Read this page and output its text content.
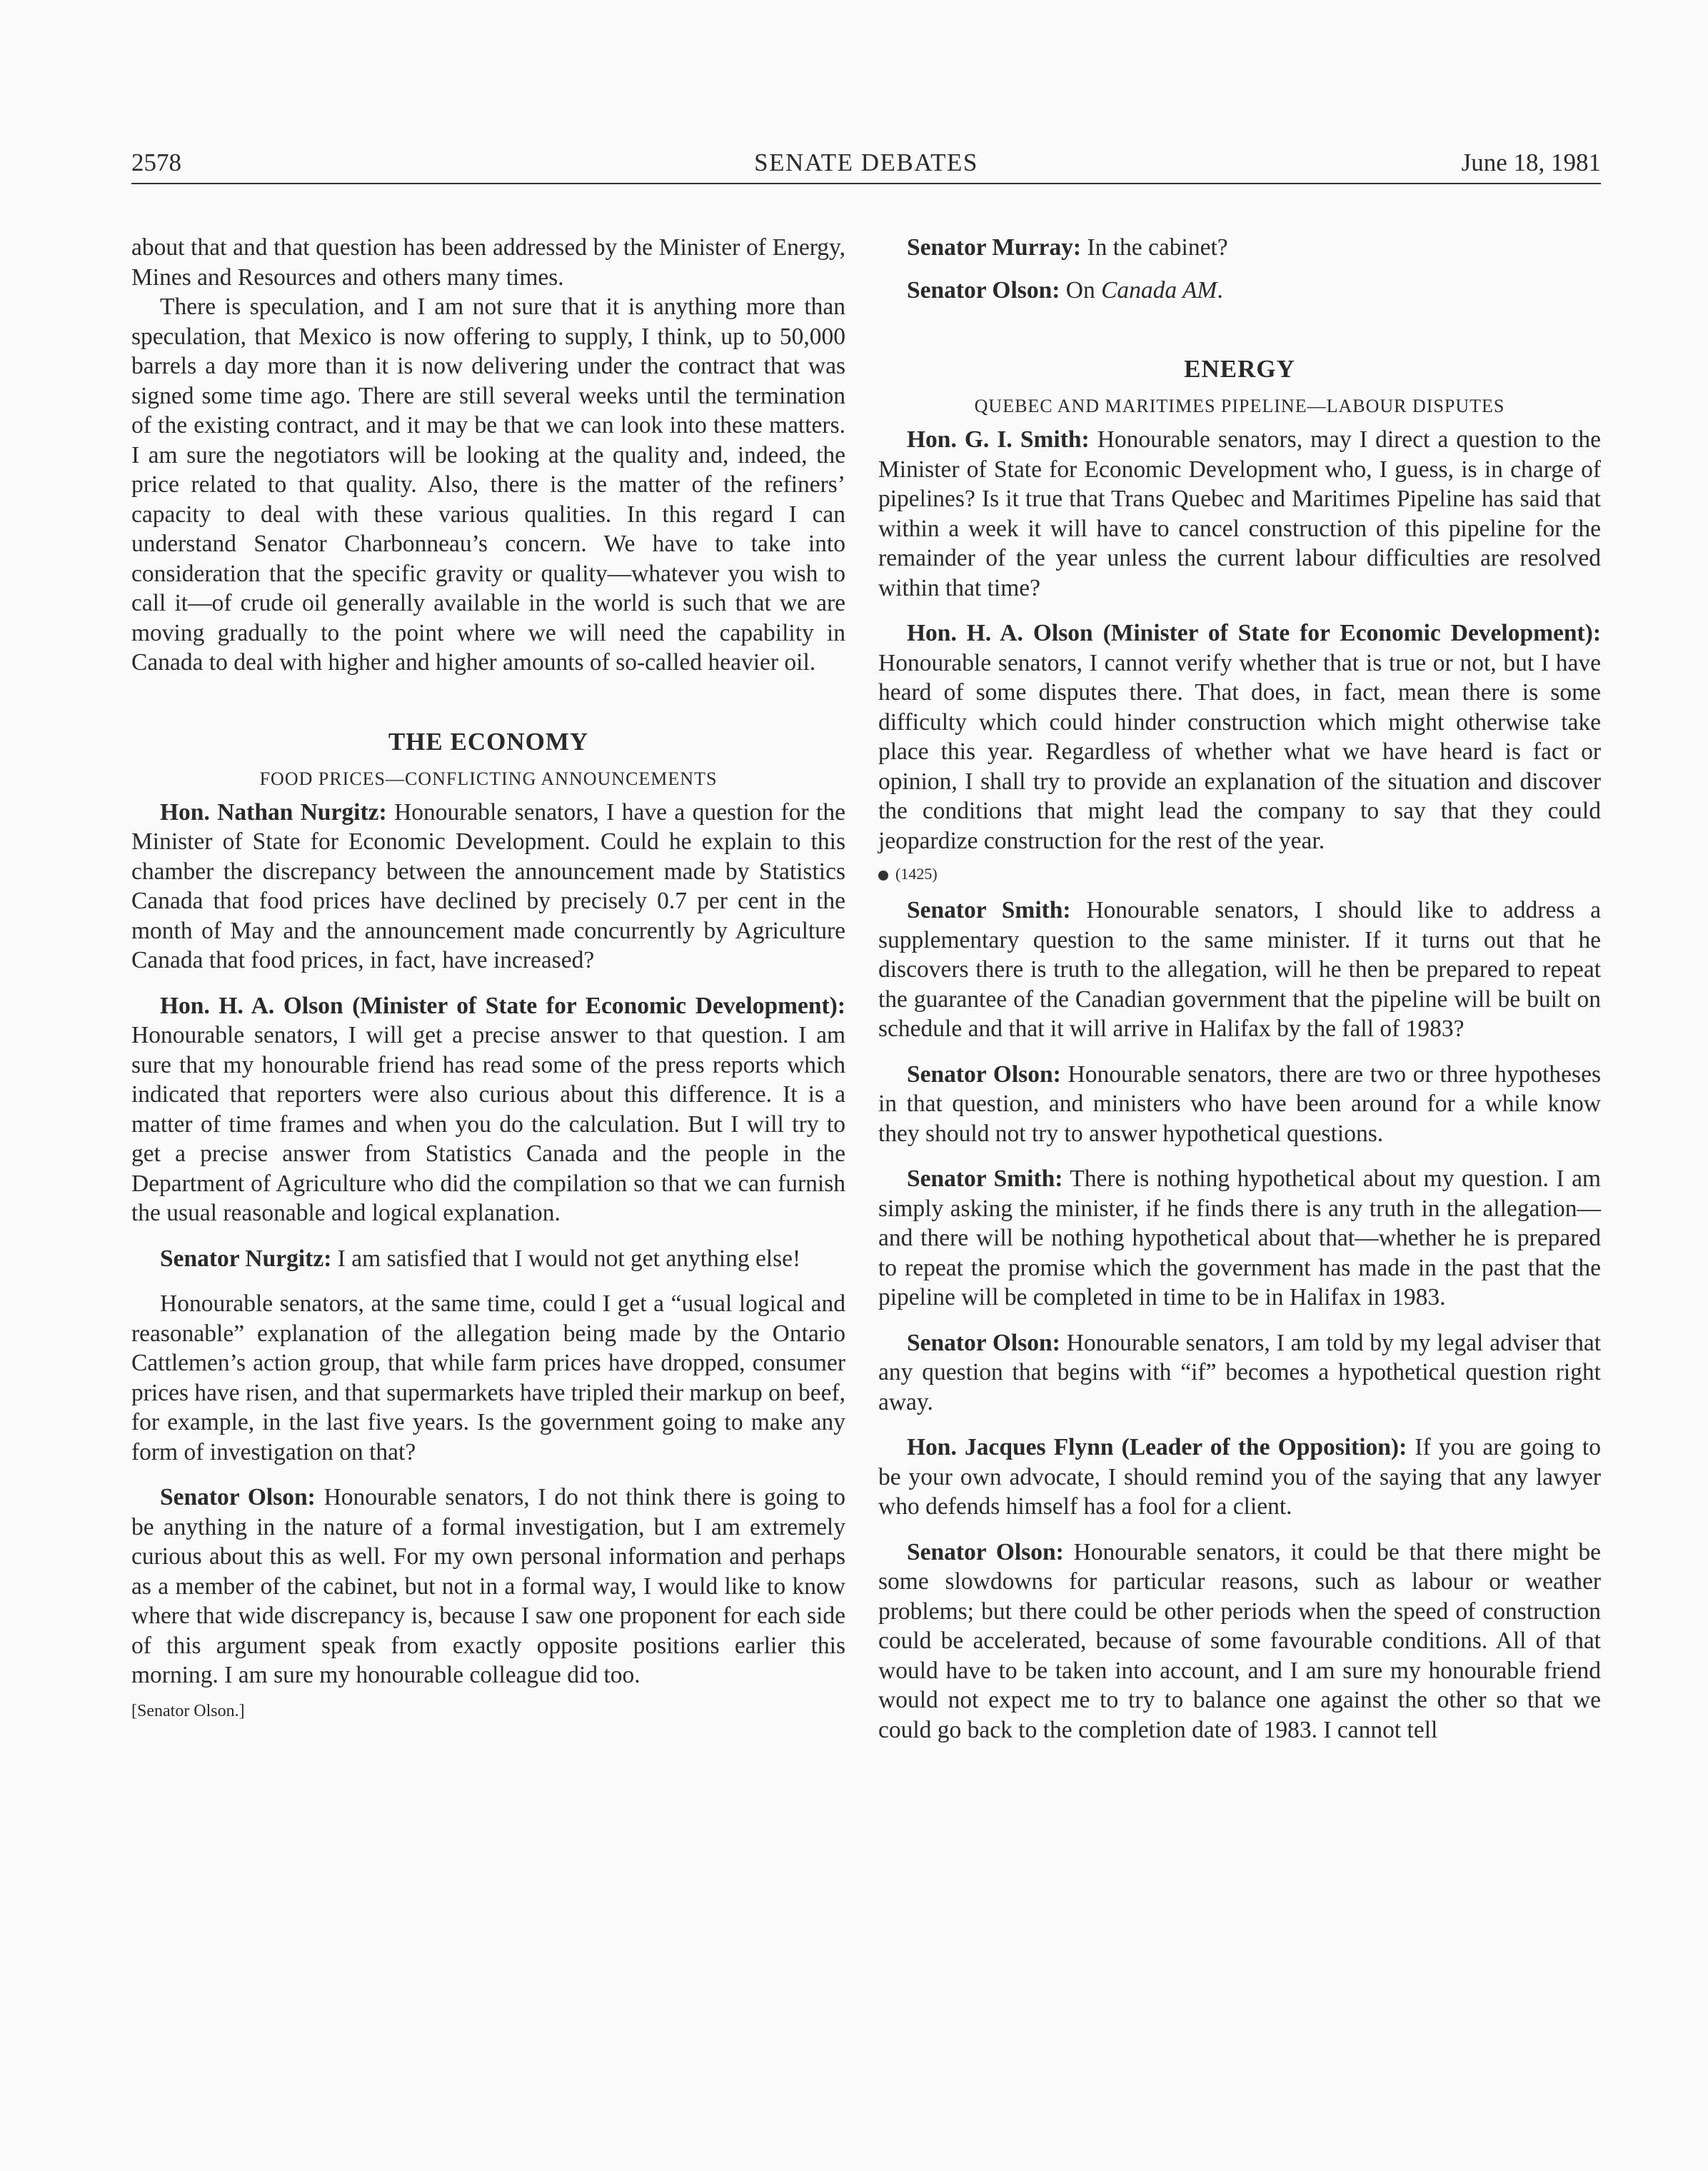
2578	SENATE DEBATES	June 18, 1981

about that and that question has been addressed by the Minister of Energy, Mines and Resources and others many times.

There is speculation, and I am not sure that it is anything more than speculation, that Mexico is now offering to supply, I think, up to 50,000 barrels a day more than it is now delivering under the contract that was signed some time ago. There are still several weeks until the termination of the existing contract, and it may be that we can look into these matters. I am sure the negotiators will be looking at the quality and, indeed, the price related to that quality. Also, there is the matter of the refiners’ capacity to deal with these various qualities. In this regard I can understand Senator Charbonneau’s concern. We have to take into consideration that the specific gravity or quality—whatever you wish to call it—of crude oil generally available in the world is such that we are moving gradually to the point where we will need the capability in Canada to deal with higher and higher amounts of so-called heavier oil.

THE ECONOMY

FOOD PRICES—CONFLICTING ANNOUNCEMENTS

Hon. Nathan Nurgitz: Honourable senators, I have a question for the Minister of State for Economic Development. Could he explain to this chamber the discrepancy between the announcement made by Statistics Canada that food prices have declined by precisely 0.7 per cent in the month of May and the announcement made concurrently by Agriculture Canada that food prices, in fact, have increased?

Hon. H. A. Olson (Minister of State for Economic Development): Honourable senators, I will get a precise answer to that question. I am sure that my honourable friend has read some of the press reports which indicated that reporters were also curious about this difference. It is a matter of time frames and when you do the calculation. But I will try to get a precise answer from Statistics Canada and the people in the Department of Agriculture who did the compilation so that we can furnish the usual reasonable and logical explanation.

Senator Nurgitz: I am satisfied that I would not get anything else!

Honourable senators, at the same time, could I get a “usual logical and reasonable” explanation of the allegation being made by the Ontario Cattlemen’s action group, that while farm prices have dropped, consumer prices have risen, and that supermarkets have tripled their markup on beef, for example, in the last five years. Is the government going to make any form of investigation on that?

Senator Olson: Honourable senators, I do not think there is going to be anything in the nature of a formal investigation, but I am extremely curious about this as well. For my own personal information and perhaps as a member of the cabinet, but not in a formal way, I would like to know where that wide discrepancy is, because I saw one proponent for each side of this argument speak from exactly opposite positions earlier this morning. I am sure my honourable colleague did too.

[Senator Olson.]

Senator Murray: In the cabinet?

Senator Olson: On Canada AM.

ENERGY

QUEBEC AND MARITIMES PIPELINE—LABOUR DISPUTES

Hon. G. I. Smith: Honourable senators, may I direct a question to the Minister of State for Economic Development who, I guess, is in charge of pipelines? Is it true that Trans Quebec and Maritimes Pipeline has said that within a week it will have to cancel construction of this pipeline for the remainder of the year unless the current labour difficulties are resolved within that time?

Hon. H. A. Olson (Minister of State for Economic Development): Honourable senators, I cannot verify whether that is true or not, but I have heard of some disputes there. That does, in fact, mean there is some difficulty which could hinder construction which might otherwise take place this year. Regardless of whether what we have heard is fact or opinion, I shall try to provide an explanation of the situation and discover the conditions that might lead the company to say that they could jeopardize construction for the rest of the year.

(1425)

Senator Smith: Honourable senators, I should like to address a supplementary question to the same minister. If it turns out that he discovers there is truth to the allegation, will he then be prepared to repeat the guarantee of the Canadian government that the pipeline will be built on schedule and that it will arrive in Halifax by the fall of 1983?

Senator Olson: Honourable senators, there are two or three hypotheses in that question, and ministers who have been around for a while know they should not try to answer hypothetical questions.

Senator Smith: There is nothing hypothetical about my question. I am simply asking the minister, if he finds there is any truth in the allegation—and there will be nothing hypothetical about that—whether he is prepared to repeat the promise which the government has made in the past that the pipeline will be completed in time to be in Halifax in 1983.

Senator Olson: Honourable senators, I am told by my legal adviser that any question that begins with “if” becomes a hypothetical question right away.

Hon. Jacques Flynn (Leader of the Opposition): If you are going to be your own advocate, I should remind you of the saying that any lawyer who defends himself has a fool for a client.

Senator Olson: Honourable senators, it could be that there might be some slowdowns for particular reasons, such as labour or weather problems; but there could be other periods when the speed of construction could be accelerated, because of some favourable conditions. All of that would have to be taken into account, and I am sure my honourable friend would not expect me to try to balance one against the other so that we could go back to the completion date of 1983. I cannot tell
